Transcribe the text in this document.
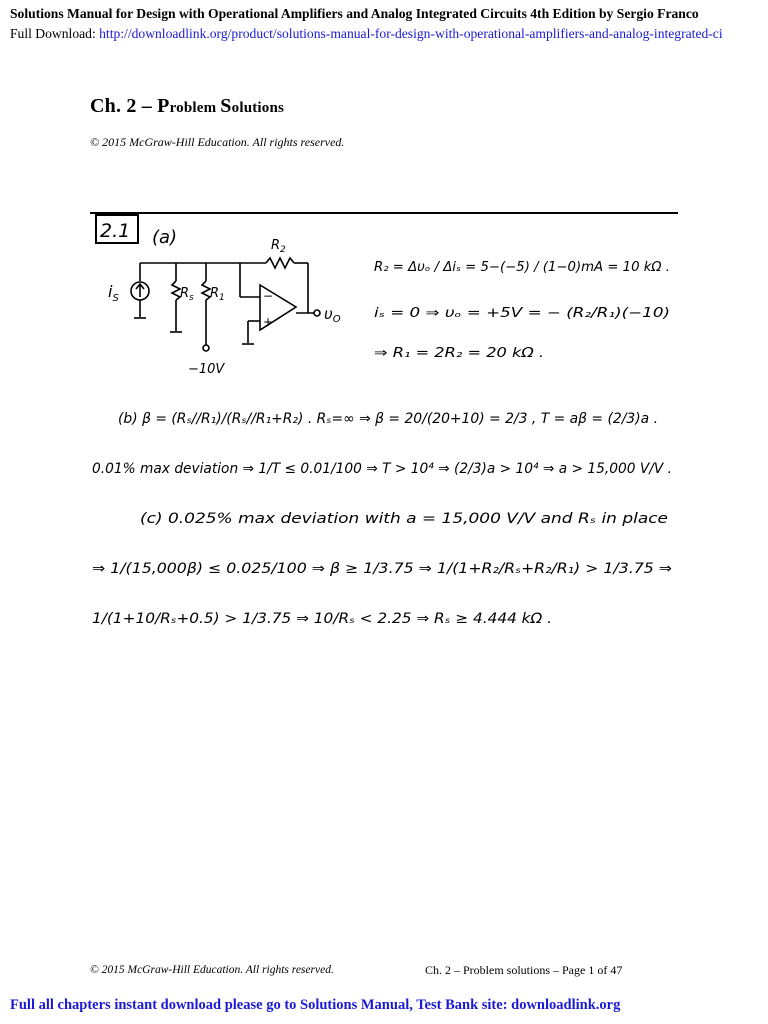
Solutions Manual for Design with Operational Amplifiers and Analog Integrated Circuits 4th Edition by Sergio Franco
Full Download: http://downloadlink.org/product/solutions-manual-for-design-with-operational-amplifiers-and-analog-integrated-ci
Ch. 2 – Problem Solutions
© 2015 McGraw-Hill Education. All rights reserved.
2.1 (a)
$R_s$ $R_1$
$R_2$
$i_S$	−
+	$\upsilon_O$
−10V
R₂ = Δυₒ / Δiₛ = 5−(−5) / (1−0)mA = 10 kΩ .
iₛ = 0 ⇒ υₒ = +5V = − (R₂/R₁)(−10)
⇒ R₁ = 2R₂ = 20 kΩ .
(b) β = (Rₛ//R₁)/(Rₛ//R₁+R₂) . Rₛ=∞ ⇒ β = 20/(20+10) = 2/3 , T = aβ = (2/3)a .
0.01% max deviation ⇒ 1/T ≤ 0.01/100 ⇒ T > 10⁴ ⇒ (2/3)a > 10⁴ ⇒ a > 15,000 V/V .
(c) 0.025% max deviation with a = 15,000 V/V and Rₛ in place
⇒ 1/(15,000β) ≤ 0.025/100 ⇒ β ≥ 1/3.75 ⇒ 1/(1+R₂/Rₛ+R₂/R₁) > 1/3.75 ⇒
1/(1+10/Rₛ+0.5) > 1/3.75 ⇒ 10/Rₛ < 2.25 ⇒ Rₛ ≥ 4.444 kΩ .
© 2015 McGraw-Hill Education. All rights reserved.	Ch. 2 – Problem solutions – Page 1 of 47
Full all chapters instant download please go to Solutions Manual, Test Bank site: downloadlink.org
